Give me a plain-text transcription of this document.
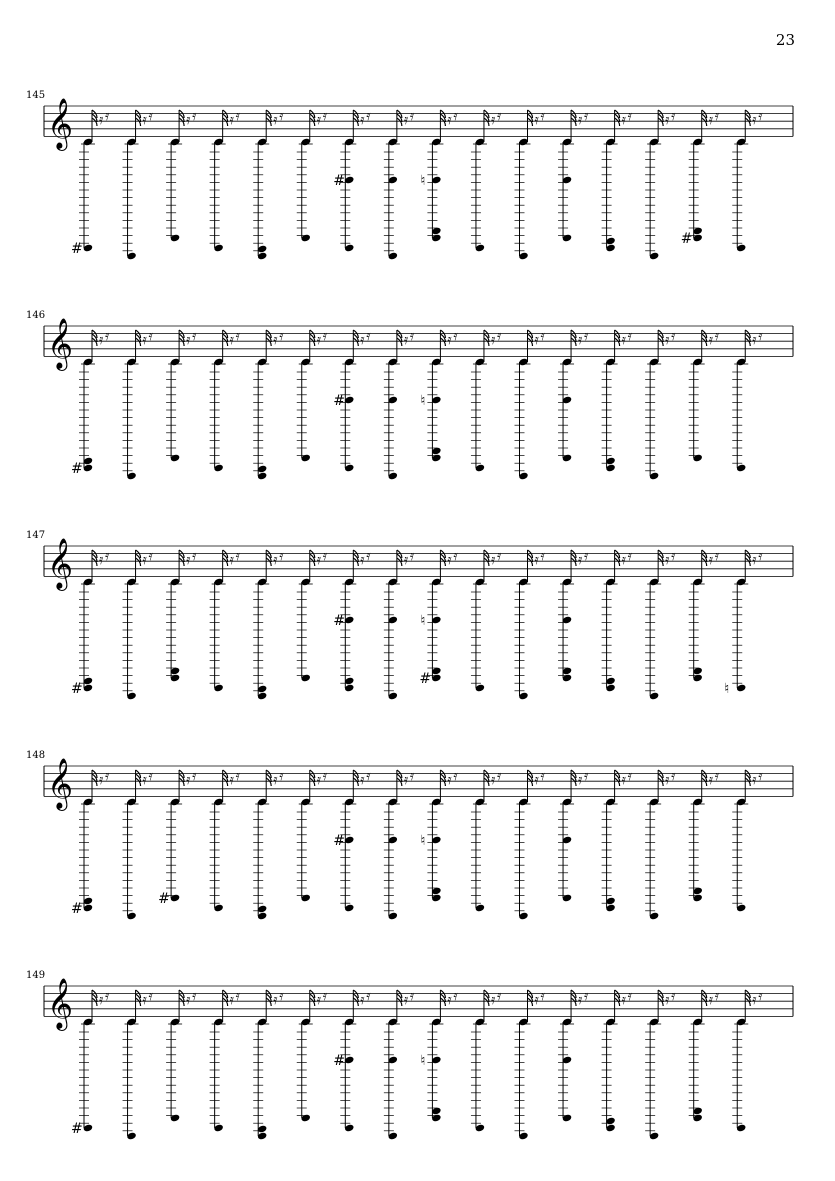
23
145
𝄞
#
𝄿 𝄿 𝄿 𝄿 𝄿 𝄿 𝄿 𝄿 𝄿 𝄿 𝄿 𝄿
#
𝄿 𝄿 𝄿 𝄿
♮
𝄿 𝄿 𝄿 𝄿 𝄿 𝄿 𝄿 𝄿 𝄿 𝄿 𝄿 𝄿
#
𝄿 𝄿 𝄿 𝄿
146
𝄞
#
𝄿 𝄿 𝄿 𝄿 𝄿 𝄿 𝄿 𝄿 𝄿 𝄿 𝄿 𝄿
#
𝄿 𝄿 𝄿 𝄿
♮
𝄿 𝄿 𝄿 𝄿 𝄿 𝄿 𝄿 𝄿 𝄿 𝄿 𝄿 𝄿 𝄿 𝄿 𝄿 𝄿
147
𝄞
#
𝄿 𝄿 𝄿 𝄿 𝄿 𝄿 𝄿 𝄿 𝄿 𝄿 𝄿 𝄿
#
𝄿 𝄿 𝄿 𝄿
♮
#
𝄿 𝄿 𝄿 𝄿 𝄿 𝄿 𝄿 𝄿 𝄿 𝄿 𝄿 𝄿 𝄿 𝄿
♮
𝄿 𝄿
148
𝄞
#
𝄿 𝄿 𝄿 𝄿
#
𝄿 𝄿 𝄿 𝄿 𝄿 𝄿 𝄿 𝄿
#
𝄿 𝄿 𝄿 𝄿
♮
𝄿 𝄿 𝄿 𝄿 𝄿 𝄿 𝄿 𝄿 𝄿 𝄿 𝄿 𝄿 𝄿 𝄿 𝄿 𝄿
149
𝄞
#
𝄿 𝄿 𝄿 𝄿 𝄿 𝄿 𝄿 𝄿 𝄿 𝄿 𝄿 𝄿
#
𝄿 𝄿 𝄿 𝄿
♮
𝄿 𝄿 𝄿 𝄿 𝄿 𝄿 𝄿 𝄿 𝄿 𝄿 𝄿 𝄿 𝄿 𝄿 𝄿 𝄿
